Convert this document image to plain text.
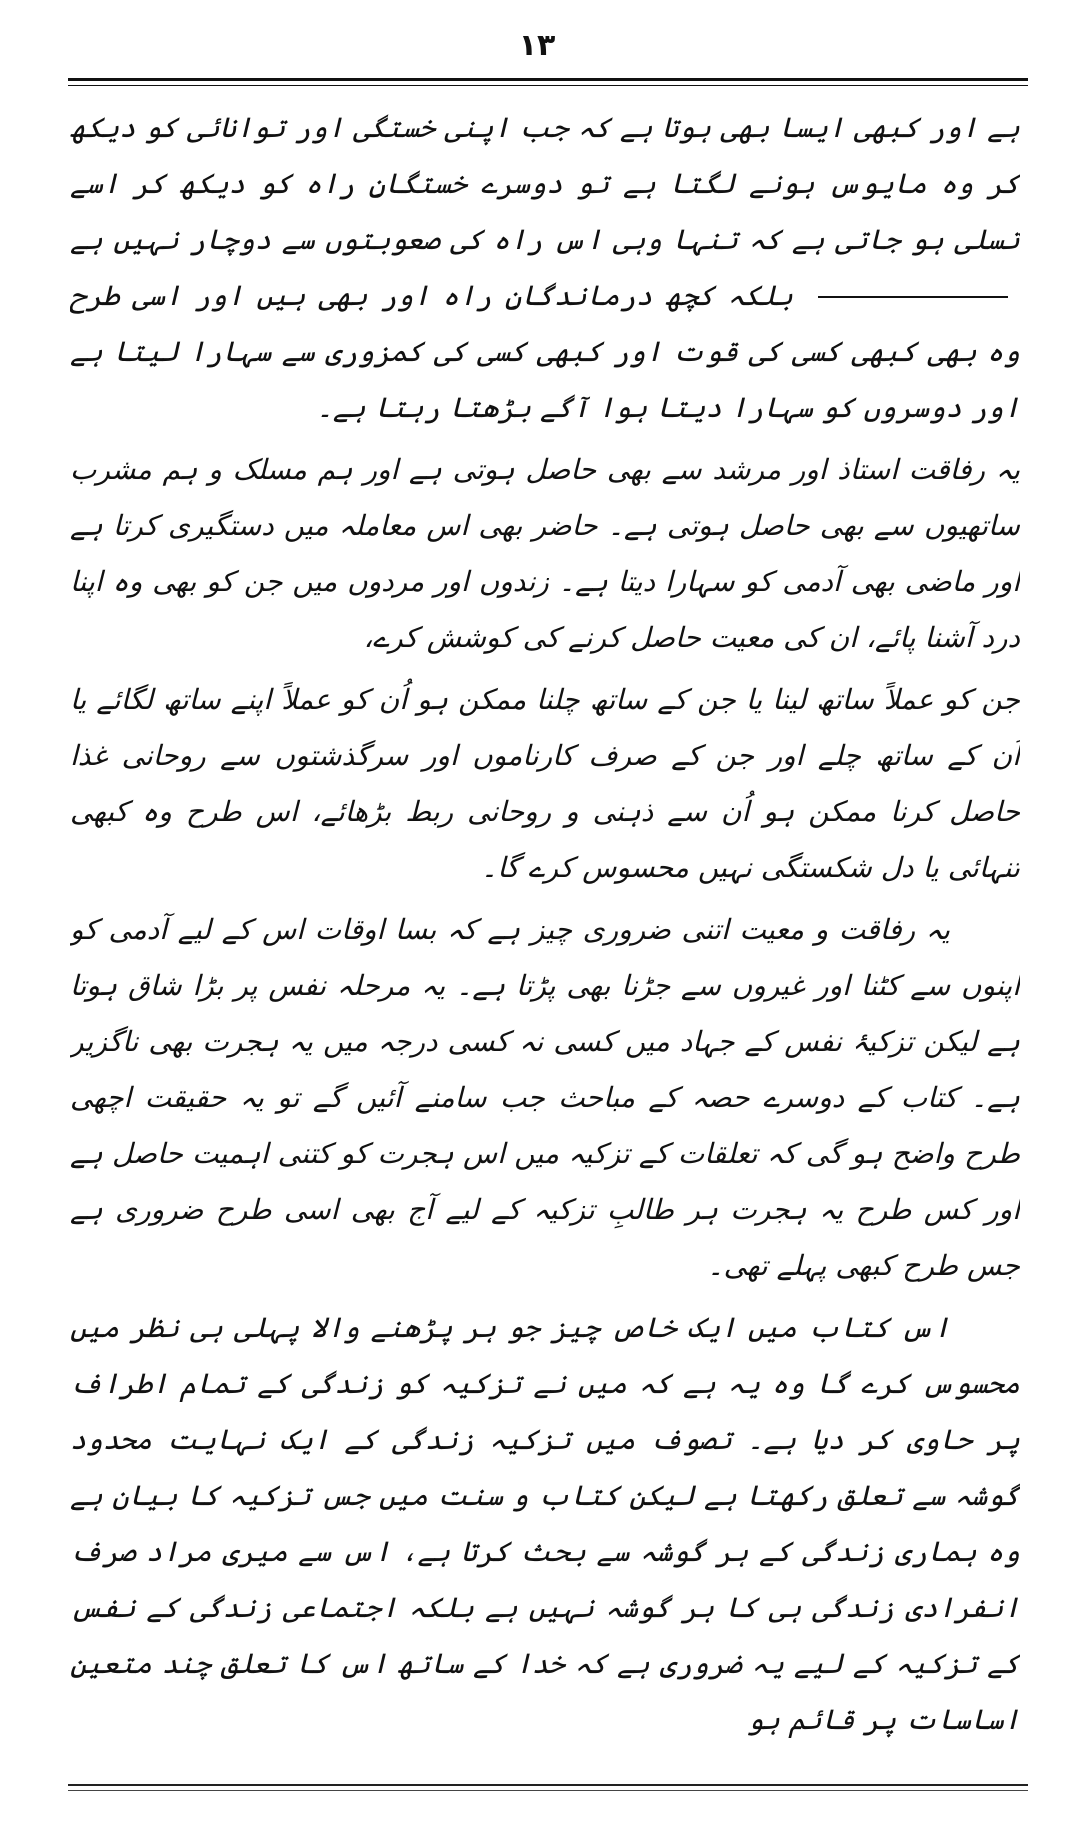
۱۳

ہے اور کبھی ایسا بھی ہوتا ہے کہ جب اپنی خستگی اور توانائی کو دیکھ کر وہ مایوس ہونے لگتا ہے تو دوسرے خستگانِ راہ کو دیکھ کر اسے تسلی ہو جاتی ہے کہ تنہا وہی اس راہ کی صعوبتوں سے دوچار نہیں ہے  بلکہ کچھ درماندگانِ راہ اور بھی ہیں اور اسی طرح وہ بھی کبھی کسی کی قوت اور کبھی کسی کی کمزوری سے سہارا لیتا ہے اور دوسروں کو سہارا دیتا ہوا آگے بڑھتا رہتا ہے۔

یہ رفاقت استاذ اور مرشد سے بھی حاصل ہوتی ہے اور ہم مسلک و ہم مشرب ساتھیوں سے بھی حاصل ہوتی ہے۔ حاضر بھی اس معاملہ میں دستگیری کرتا ہے اور ماضی بھی آدمی کو سہارا دیتا ہے۔ زندوں اور مردوں میں جن کو بھی وہ اپنا درد آشنا پائے، ان کی معیت حاصل کرنے کی کوشش کرے،

جن کو عملاً ساتھ لینا یا جن کے ساتھ چلنا ممکن ہو اُن کو عملاً اپنے ساتھ لگائے یا اُن کے ساتھ چلے اور جن کے صرف کارناموں اور سرگذشتوں سے روحانی غذا حاصل کرنا ممکن ہو اُن سے ذہنی و روحانی ربط بڑھائے، اس طرح وہ کبھی تنہائی یا دل شکستگی نہیں محسوس کرے گا۔

یہ رفاقت و معیت اتنی ضروری چیز ہے کہ بسا اوقات اس کے لیے آدمی کو اپنوں سے کٹنا اور غیروں سے جڑنا بھی پڑتا ہے۔ یہ مرحلہ نفس پر بڑا شاق ہوتا ہے لیکن تزکیۂ نفس کے جہاد میں کسی نہ کسی درجہ میں یہ ہجرت بھی ناگزیر ہے۔ کتاب کے دوسرے حصہ کے مباحث جب سامنے آئیں گے تو یہ حقیقت اچھی طرح واضح ہو گی کہ تعلقات کے تزکیہ میں اس ہجرت کو کتنی اہمیت حاصل ہے اور کس طرح یہ ہجرت ہر طالبِ تزکیہ کے لیے آج بھی اسی طرح ضروری ہے جس طرح کبھی پہلے تھی۔

اس کتاب میں ایک خاص چیز جو ہر پڑھنے والا پہلی ہی نظر میں محسوس کرے گا وہ یہ ہے کہ میں نے تزکیہ کو زندگی کے تمام اطراف پر حاوی کر دیا ہے۔ تصوف میں تزکیہ زندگی کے ایک نہایت محدود گوشہ سے تعلق رکھتا ہے لیکن کتاب و سنت میں جس تزکیہ کا بیان ہے وہ ہماری زندگی کے ہر گوشہ سے بحث کرتا ہے، اس سے میری مراد صرف انفرادی زندگی ہی کا ہر گوشہ نہیں ہے بلکہ اجتماعی زندگی کے نفس کے تزکیہ کے لیے یہ ضروری ہے کہ خدا کے ساتھ اس کا تعلق چند متعین اساسات پر قائم ہو
